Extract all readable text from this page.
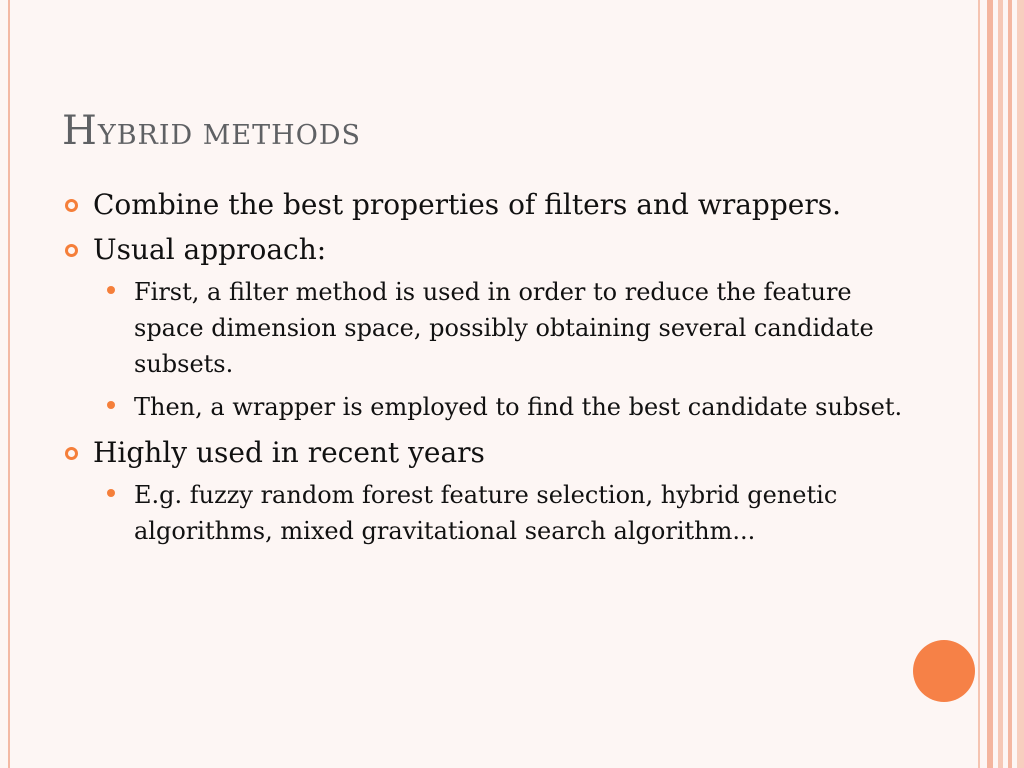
HYBRID METHODS
Combine the best properties of filters and wrappers.
Usual approach:
First, a filter method is used in order to reduce the feature space dimension space, possibly obtaining several candidate subsets.
Then, a wrapper is employed to find the best candidate subset.
Highly used in recent years
E.g. fuzzy random forest feature selection, hybrid genetic algorithms, mixed gravitational search algorithm...
